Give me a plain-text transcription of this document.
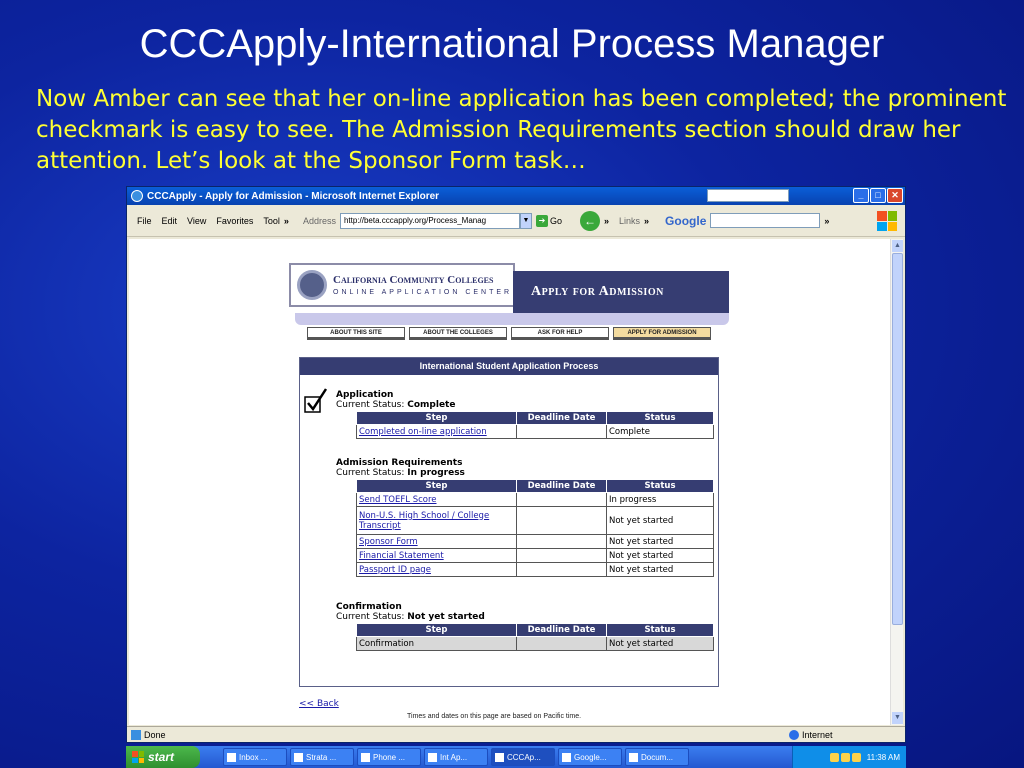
CCCApply-International Process Manager
Now Amber can see that her on-line application has been completed; the prominent checkmark is easy to see. The Admission Requirements section should draw her attention. Let’s look at the Sponsor Form task…
CCCApply - Apply for Admission - Microsoft Internet Explorer	_	□	✕
File Edit View Favorites Tool » Address	http://beta.cccapply.org/Process_Manag	▼	➔ Go	← » Links » Google	»
California Community Colleges
ONLINE APPLICATION CENTER	Apply for Admission
ABOUT THIS SITE	ABOUT THE COLLEGES	ASK FOR HELP	APPLY FOR ADMISSION
International Student Application Process
Application
Current Status: Complete
Step	Deadline Date	Status
Completed on-line application		Complete
Admission Requirements
Current Status: In progress
Step	Deadline Date	Status
Send TOEFL Score		In progress
Non-U.S. High School / College Transcript		Not yet started
Sponsor Form		Not yet started
Financial Statement		Not yet started
Passport ID page		Not yet started
Confirmation
Current Status: Not yet started
Step	Deadline Date	Status
Confirmation		Not yet started
<< Back
Times and dates on this page are based on Pacific time.
▲
▼
Done	Internet
start	Inbox ...	Strata ...	Phone ...	Int Ap...	CCCAp...	Google...	Docum...	11:38 AM
